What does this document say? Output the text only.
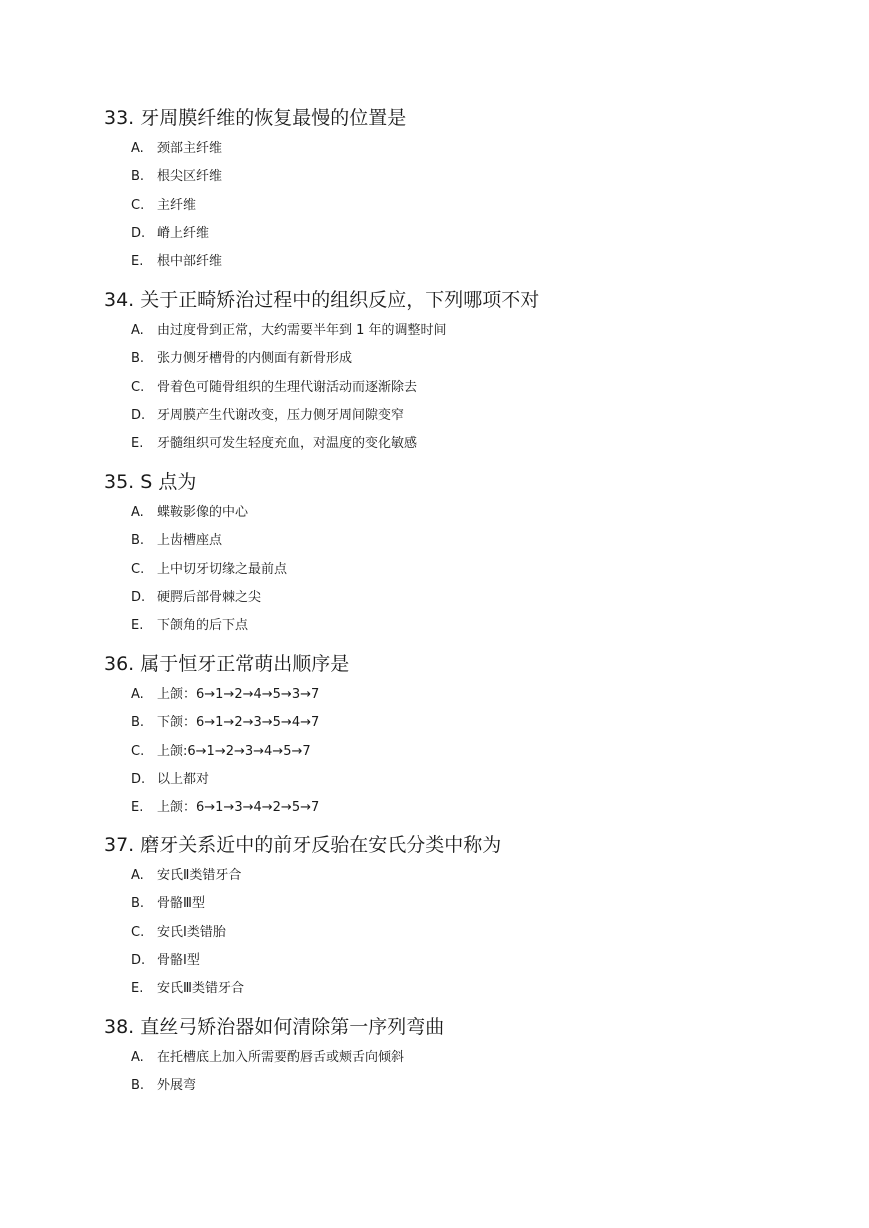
33. 牙周膜纤维的恢复最慢的位置是
A. 颈部主纤维
B. 根尖区纤维
C. 主纤维
D. 嵴上纤维
E. 根中部纤维
34. 关于正畸矫治过程中的组织反应，下列哪项不对
A. 由过度骨到正常，大约需要半年到 1 年的调整时间
B. 张力侧牙槽骨的内侧面有新骨形成
C. 骨着色可随骨组织的生理代谢活动而逐渐除去
D. 牙周膜产生代谢改变，压力侧牙周间隙变窄
E. 牙髓组织可发生轻度充血，对温度的变化敏感
35. S 点为
A. 蝶鞍影像的中心
B. 上齿槽座点
C. 上中切牙切缘之最前点
D. 硬腭后部骨棘之尖
E. 下颌角的后下点
36. 属于恒牙正常萌出顺序是
A. 上颌：6→1→2→4→5→3→7
B. 下颌：6→1→2→3→5→4→7
C. 上颌:6→1→2→3→4→5→7
D. 以上都对
E. 上颌：6→1→3→4→2→5→7
37. 磨牙关系近中的前牙反骀在安氏分类中称为
A. 安氏Ⅱ类错牙合
B. 骨骼Ⅲ型
C. 安氏Ⅰ类错胎
D. 骨骼Ⅰ型
E. 安氏Ⅲ类错牙合
38. 直丝弓矫治器如何清除第一序列弯曲
A. 在托槽底上加入所需要酌唇舌或颊舌向倾斜
B. 外展弯
